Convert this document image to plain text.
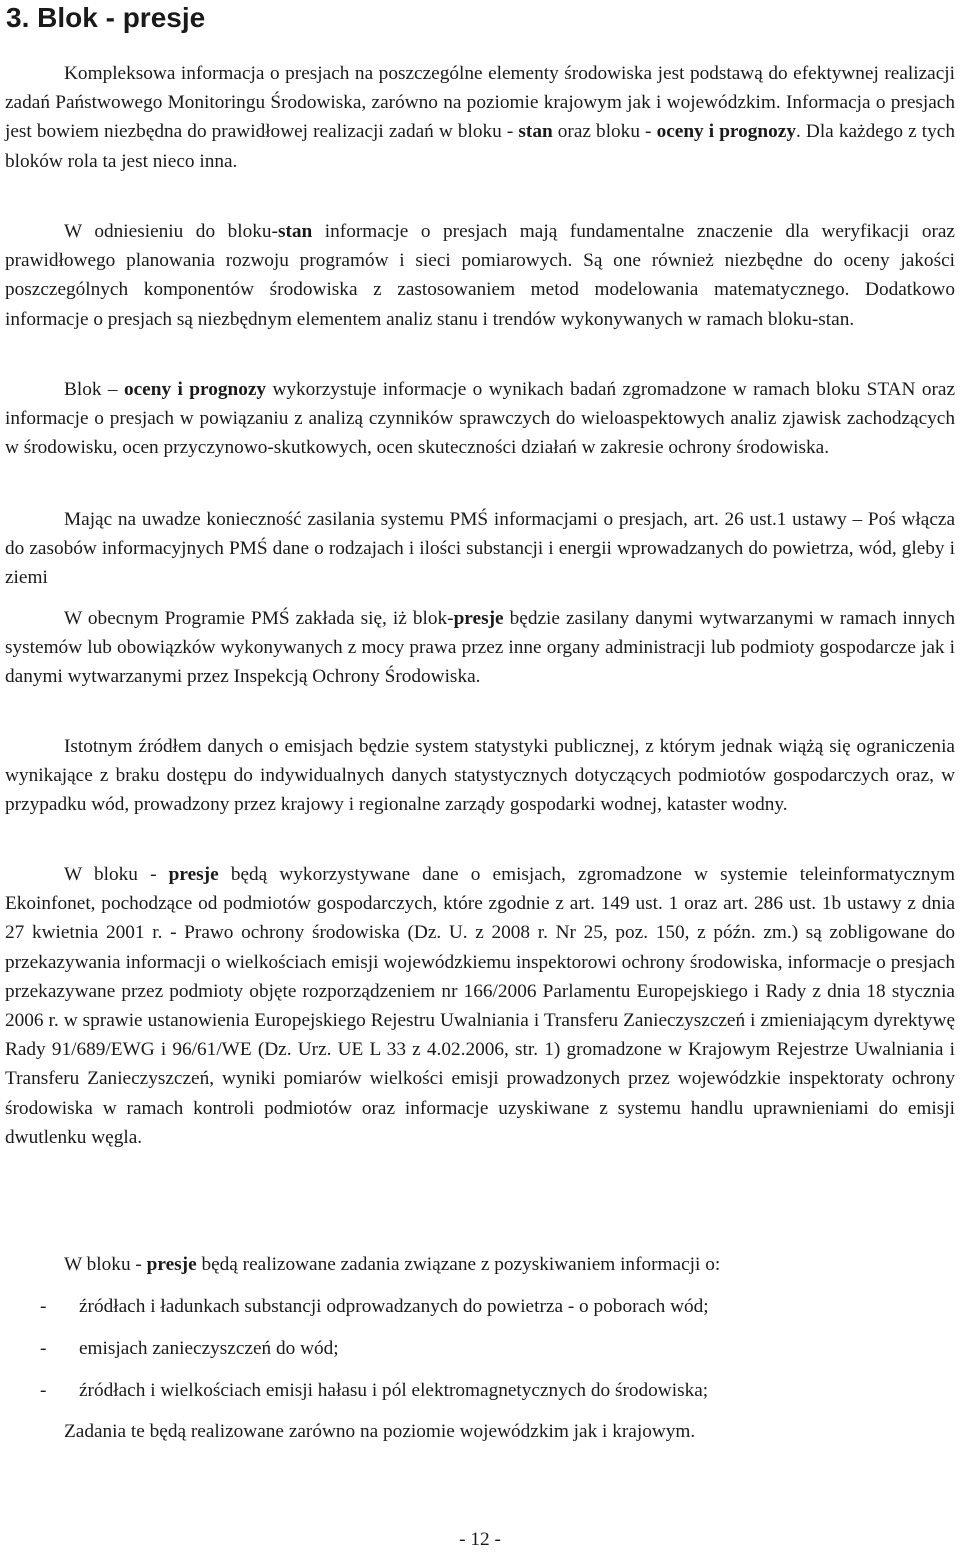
3. Blok - presje

Kompleksowa informacja o presjach na poszczególne elementy środowiska jest podstawą do efektywnej realizacji zadań Państwowego Monitoringu Środowiska, zarówno na poziomie krajowym jak i wojewódzkim. Informacja o presjach jest bowiem niezbędna do prawidłowej realizacji zadań w bloku - stan oraz bloku - oceny i prognozy. Dla każdego z tych bloków rola ta jest nieco inna.

W odniesieniu do bloku-stan informacje o presjach mają fundamentalne znaczenie dla weryfikacji oraz prawidłowego planowania rozwoju programów i sieci pomiarowych. Są one również niezbędne do oceny jakości poszczególnych komponentów środowiska z zastosowaniem metod modelowania matematycznego. Dodatkowo informacje o presjach są niezbędnym elementem analiz stanu i trendów wykonywanych w ramach bloku-stan.

Blok – oceny i prognozy wykorzystuje informacje o wynikach badań zgromadzone w ramach bloku STAN oraz informacje o presjach w powiązaniu z analizą czynników sprawczych do wieloaspektowych analiz zjawisk zachodzących w środowisku, ocen przyczynowo-skutkowych, ocen skuteczności działań w zakresie ochrony środowiska.

Mając na uwadze konieczność zasilania systemu PMŚ informacjami o presjach, art. 26 ust.1 ustawy – Poś włącza do zasobów informacyjnych PMŚ dane o rodzajach i ilości substancji i energii wprowadzanych do powietrza, wód, gleby i ziemi

W obecnym Programie PMŚ zakłada się, iż blok-presje będzie zasilany danymi wytwarzanymi w ramach innych systemów lub obowiązków wykonywanych z mocy prawa przez inne organy administracji lub podmioty gospodarcze jak i danymi wytwarzanymi przez Inspekcją Ochrony Środowiska.

Istotnym źródłem danych o emisjach będzie system statystyki publicznej, z którym jednak wiążą się ograniczenia wynikające z braku dostępu do indywidualnych danych statystycznych dotyczących podmiotów gospodarczych oraz, w przypadku wód, prowadzony przez krajowy i regionalne zarządy gospodarki wodnej, kataster wodny.

W bloku - presje będą wykorzystywane dane o emisjach, zgromadzone w systemie teleinformatycznym Ekoinfonet, pochodzące od podmiotów gospodarczych, które zgodnie z art. 149 ust. 1 oraz art. 286 ust. 1b ustawy z dnia 27 kwietnia 2001 r. - Prawo ochrony środowiska (Dz. U. z 2008 r. Nr 25, poz. 150, z późn. zm.) są zobligowane do przekazywania informacji o wielkościach emisji wojewódzkiemu inspektorowi ochrony środowiska, informacje o presjach przekazywane przez podmioty objęte rozporządzeniem nr 166/2006 Parlamentu Europejskiego i Rady z dnia 18 stycznia 2006 r. w sprawie ustanowienia Europejskiego Rejestru Uwalniania i Transferu Zanieczyszczeń i zmieniającym dyrektywę Rady 91/689/EWG i 96/61/WE (Dz. Urz. UE L 33 z 4.02.2006, str. 1) gromadzone w Krajowym Rejestrze Uwalniania i Transferu Zanieczyszczeń, wyniki pomiarów wielkości emisji prowadzonych przez wojewódzkie inspektoraty ochrony środowiska w ramach kontroli podmiotów oraz informacje uzyskiwane z systemu handlu uprawnieniami do emisji dwutlenku węgla.

W bloku - presje będą realizowane zadania związane z pozyskiwaniem informacji o:

- źródłach i ładunkach substancji odprowadzanych do powietrza - o poborach wód;
- emisjach zanieczyszczeń do wód;
- źródłach i wielkościach emisji hałasu i pól elektromagnetycznych do środowiska;
Zadania te będą realizowane zarówno na poziomie wojewódzkim jak i krajowym.
- 12 -
